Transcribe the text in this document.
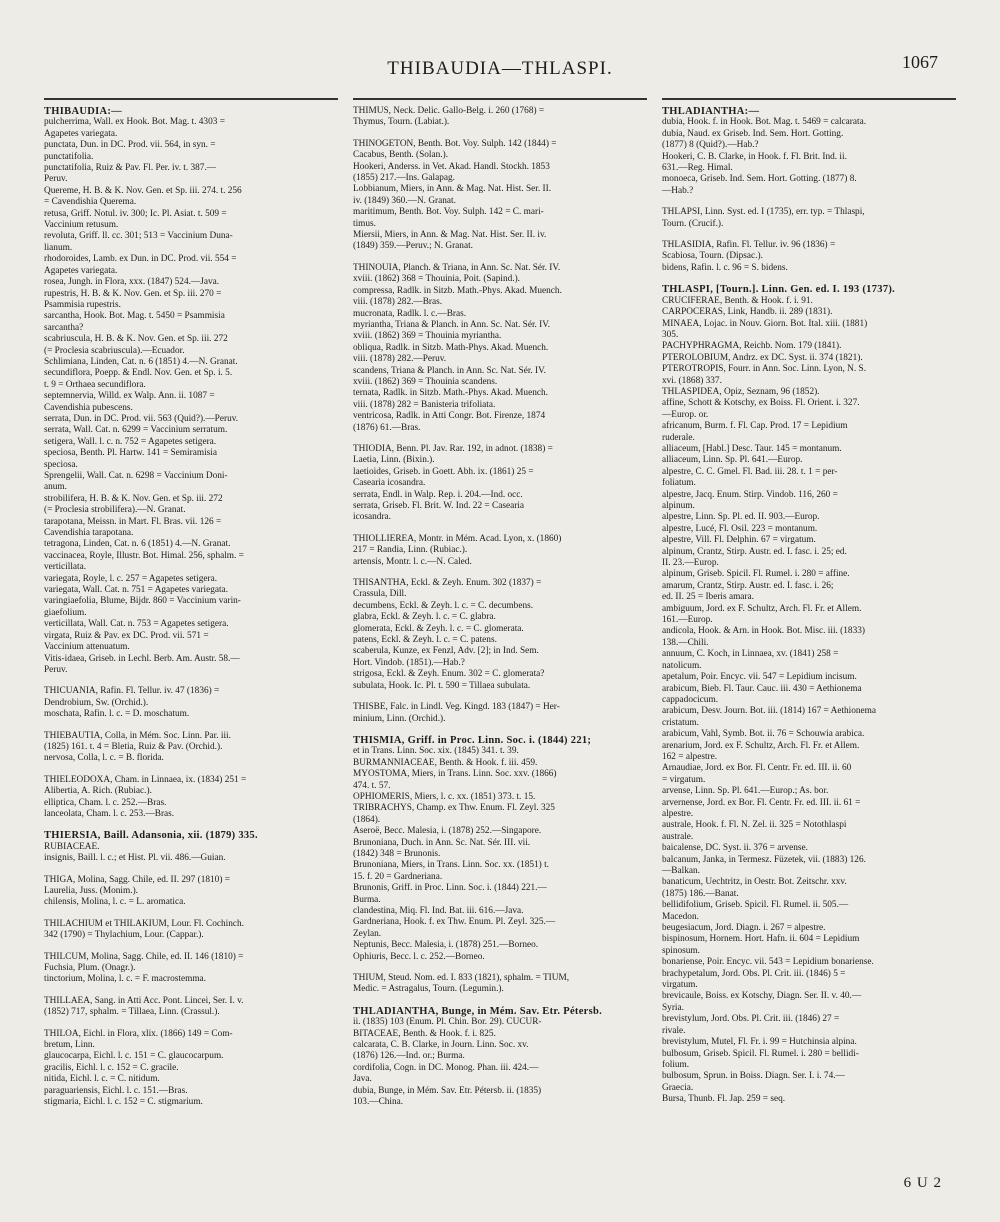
THIBAUDIA—THLASPI.	1067
THIBAUDIA:—
pulcherrima, Wall. ex Hook. Bot. Mag. t. 4303 =
Agapetes variegata.
punctata, Dun. in DC. Prod. vii. 564, in syn. =
punctatifolia.
punctatifolia, Ruiz & Pav. Fl. Per. iv. t. 387.—
Peruv.
Queremе, H. B. & K. Nov. Gen. et Sp. iii. 274. t. 256
= Cavendishia Querema.
retusa, Griff. Notul. iv. 300; Ic. Pl. Asiat. t. 509 =
Vaccinium retusum.
revoluta, Griff. ll. cc. 301; 513 = Vaccinium Duna-
lianum.
rhodoroides, Lamb. ex Dun. in DC. Prod. vii. 554 =
Agapetes variegata.
rosea, Jungh. in Flora, xxx. (1847) 524.—Java.
rupestris, H. B. & K. Nov. Gen. et Sp. iii. 270 =
Psammisia rupestris.
sarcantha, Hook. Bot. Mag. t. 5450 = Psammisia
sarcantha?
scabriuscula, H. B. & K. Nov. Gen. et Sp. iii. 272
(= Proclesia scabriuscula).—Ecuador.
Schlimiana, Linden, Cat. n. 6 (1851) 4.—N. Granat.
secundiflora, Poepp. & Endl. Nov. Gen. et Sp. i. 5.
t. 9 = Orthaea secundiflora.
septemnervia, Willd. ex Walp. Ann. ii. 1087 =
Cavendishia pubescens.
serrata, Dun. in DC. Prod. vii. 563 (Quid?).—Peruv.
serrata, Wall. Cat. n. 6299 = Vaccinium serratum.
setigera, Wall. l. c. n. 752 = Agapetes setigera.
speciosa, Benth. Pl. Hartw. 141 = Semiramisia
speciosa.
Sprengelii, Wall. Cat. n. 6298 = Vaccinium Doni-
anum.
strobilifera, H. B. & K. Nov. Gen. et Sp. iii. 272
(= Proclesia strobilifera).—N. Granat.
tarapotana, Meissn. in Mart. Fl. Bras. vii. 126 =
Cavendishia tarapotana.
tetragona, Linden, Cat. n. 6 (1851) 4.—N. Granat.
vaccinacea, Royle, Illustr. Bot. Himal. 256, sphalm. =
verticillata.
variegata, Royle, l. c. 257 = Agapetes setigera.
variegata, Wall. Cat. n. 751 = Agapetes variegata.
varingiaefolia, Blume, Bijdr. 860 = Vaccinium varin-
giaefolium.
verticillata, Wall. Cat. n. 753 = Agapetes setigera.
virgata, Ruiz & Pav. ex DC. Prod. vii. 571 =
Vaccinium attenuatum.
Vitis-idaea, Griseb. in Lechl. Berb. Am. Austr. 58.—
Peruv.
THICUANIA, Rafin. Fl. Tellur. iv. 47 (1836) =
Dendrobium, Sw. (Orchid.).
moschata, Rafin. l. c. = D. moschatum.
THIEBAUTIA, Colla, in Mém. Soc. Linn. Par. iii.
(1825) 161. t. 4 = Bletia, Ruiz & Pav. (Orchid.).
nervosa, Colla, l. c. = B. florida.
THIELEODOXA, Cham. in Linnaea, ix. (1834) 251 =
Alibertia, A. Rich. (Rubiac.).
elliptica, Cham. l. c. 252.—Bras.
lanceolata, Cham. l. c. 253.—Bras.
THIERSIA, Baill. Adansonia, xii. (1879) 335.
RUBIACEAE.
insignis, Baill. l. c.; et Hist. Pl. vii. 486.—Guian.
THIGA, Molina, Sagg. Chile, ed. II. 297 (1810) =
Laurelia, Juss. (Monim.).
chilensis, Molina, l. c. = L. aromatica.
THILACHIUM et THILAKIUM, Lour. Fl. Cochinch.
342 (1790) = Thylachium, Lour. (Cappar.).
THILCUM, Molina, Sagg. Chile, ed. II. 146 (1810) =
Fuchsia, Plum. (Onagr.).
tinctorium, Molina, l. c. = F. macrostemma.
THILLAEA, Sang. in Atti Acc. Pont. Lincei, Ser. I. v.
(1852) 717, sphalm. = Tillaea, Linn. (Crassul.).
THILOA, Eichl. in Flora, xlix. (1866) 149 = Com-
bretum, Linn.
glaucocarpa, Eichl. l. c. 151 = C. glaucocarpum.
gracilis, Eichl. l. c. 152 = C. gracile.
nitida, Eichl. l. c. = C. nitidum.
paraguariensis, Eichl. l. c. 151.—Bras.
stigmaria, Eichl. l. c. 152 = C. stigmarium.
THIMUS, Neck. Delic. Gallo-Belg. i. 260 (1768) =
Thymus, Tourn. (Labiat.).
THINOGETON, Benth. Bot. Voy. Sulph. 142 (1844) =
Cacabus, Benth. (Solan.).
Hookeri, Anderss. in Vet. Akad. Handl. Stockh. 1853
(1855) 217.—Ins. Galapag.
Lobbianum, Miers, in Ann. & Mag. Nat. Hist. Ser. II.
iv. (1849) 360.—N. Granat.
maritimum, Benth. Bot. Voy. Sulph. 142 = C. mari-
timus.
Miersii, Miers, in Ann. & Mag. Nat. Hist. Ser. II. iv.
(1849) 359.—Peruv.; N. Granat.
THINOUIA, Planch. & Triana, in Ann. Sc. Nat. Sér. IV.
xviii. (1862) 368 = Thouinia, Poit. (Sapind.).
compressa, Radlk. in Sitzb. Math.-Phys. Akad. Muench.
viii. (1878) 282.—Bras.
mucronata, Radlk. l. c.—Bras.
myriantha, Triana & Planch. in Ann. Sc. Nat. Sér. IV.
xviii. (1862) 369 = Thouinia myriantha.
obliqua, Radlk. in Sitzb. Math-Phys. Akad. Muench.
viii. (1878) 282.—Peruv.
scandens, Triana & Planch. in Ann. Sc. Nat. Sér. IV.
xviii. (1862) 369 = Thouinia scandens.
ternata, Radlk. in Sitzb. Math.-Phys. Akad. Muench.
viii. (1878) 282 = Banisteria trifoliata.
ventricosa, Radlk. in Atti Congr. Bot. Firenze, 1874
(1876) 61.—Bras.
THIODIA, Benn. Pl. Jav. Rar. 192, in adnot. (1838) =
Laetia, Linn. (Bixin.).
laetioides, Griseb. in Goett. Abh. ix. (1861) 25 =
Casearia icosandra.
serrata, Endl. in Walp. Rep. i. 204.—Ind. occ.
serrata, Griseb. Fl. Brit. W. Ind. 22 = Casearia
icosandra.
THIOLLIEREA, Montr. in Mém. Acad. Lyon, x. (1860)
217 = Randia, Linn. (Rubiac.).
artensis, Montr. l. c.—N. Caled.
THISANTHA, Eckl. & Zeyh. Enum. 302 (1837) =
Crassula, Dill.
decumbens, Eckl. & Zeyh. l. c. = C. decumbens.
glabra, Eckl. & Zeyh. l. c. = C. glabra.
glomerata, Eckl. & Zeyh. l. c. = C. glomerata.
patens, Eckl. & Zeyh. l. c. = C. patens.
scaberula, Kunze, ex Fenzl, Adv. [2]; in Ind. Sem.
Hort. Vindob. (1851).—Hab.?
strigosa, Eckl. & Zeyh. Enum. 302 = C. glomerata?
subulata, Hook. Ic. Pl. t. 590 = Tillaea subulata.
THISBE, Falc. in Lindl. Veg. Kingd. 183 (1847) = Her-
minium, Linn. (Orchid.).
THISMIA, Griff. in Proc. Linn. Soc. i. (1844) 221;
et in Trans. Linn. Soc. xix. (1845) 341. t. 39.
BURMANNIACEAE, Benth. & Hook. f. iii. 459.
MYOSTOMA, Miers, in Trans. Linn. Soc. xxv. (1866)
474. t. 57.
OPHIOMERIS, Miers, l. c. xx. (1851) 373. t. 15.
TRIBRACHYS, Champ. ex Thw. Enum. Fl. Zeyl. 325
(1864).
Aseroë, Becc. Malesia, i. (1878) 252.—Singapore.
Brunoniana, Duch. in Ann. Sc. Nat. Sér. III. vii.
(1842) 348 = Brunonis.
Brunoniana, Miers, in Trans. Linn. Soc. xx. (1851) t.
15. f. 20 = Gardneriana.
Brunonis, Griff. in Proc. Linn. Soc. i. (1844) 221.—
Burma.
clandestina, Miq. Fl. Ind. Bat. iii. 616.—Java.
Gardneriana, Hook. f. ex Thw. Enum. Pl. Zeyl. 325.—
Zeylan.
Neptunis, Becc. Malesia, i. (1878) 251.—Borneo.
Ophiuris, Becc. l. c. 252.—Borneo.
THIUM, Steud. Nom. ed. I. 833 (1821), sphalm. = TIUM,
Medic. = Astragalus, Tourn. (Legumin.).
THLADIANTHA, Bunge, in Mém. Sav. Etr. Pétersb.
ii. (1835) 103 (Enum. Pl. Chin. Bor. 29). CUCUR-
BITACEAE, Benth. & Hook. f. i. 825.
calcarata, C. B. Clarke, in Journ. Linn. Soc. xv.
(1876) 126.—Ind. or.; Burma.
cordifolia, Cogn. in DC. Monog. Phan. iii. 424.—
Java.
dubia, Bunge, in Mém. Sav. Etr. Pétersb. ii. (1835)
103.—China.
THLADIANTHA:—
dubia, Hook. f. in Hook. Bot. Mag. t. 5469 = calcarata.
dubia, Naud. ex Griseb. Ind. Sem. Hort. Gotting.
(1877) 8 (Quid?).—Hab.?
Hookeri, C. B. Clarke, in Hook. f. Fl. Brit. Ind. ii.
631.—Reg. Himal.
monoeca, Griseb. Ind. Sem. Hort. Gotting. (1877) 8.
—Hab.?
THLAPSI, Linn. Syst. ed. I (1735), err. typ. = Thlaspi,
Tourn. (Crucif.).
THLASIDIA, Rafin. Fl. Tellur. iv. 96 (1836) =
Scabiosa, Tourn. (Dipsac.).
bidens, Rafin. l. c. 96 = S. bidens.
THLASPI, [Tourn.]. Linn. Gen. ed. I. 193 (1737).
CRUCIFERAE, Benth. & Hook. f. i. 91.
CARPOCERAS, Link, Handb. ii. 289 (1831).
MINAEA, Lojac. in Nouv. Giorn. Bot. Ital. xiii. (1881)
305.
PACHYPHRAGMA, Reichb. Nom. 179 (1841).
PTEROLOBIUM, Andrz. ex DC. Syst. ii. 374 (1821).
PTEROTROPIS, Fourr. in Ann. Soc. Linn. Lyon, N. S.
xvi. (1868) 337.
THLASPIDEA, Opiz, Seznam, 96 (1852).
affine, Schott & Kotschy, ex Boiss. Fl. Orient. i. 327.
—Europ. or.
africanum, Burm. f. Fl. Cap. Prod. 17 = Lepidium
ruderale.
alliaceum, [Habl.] Desc. Taur. 145 = montanum.
alliaceum, Linn. Sp. Pl. 641.—Europ.
alpestre, C. C. Gmel. Fl. Bad. iii. 28. t. 1 = per-
foliatum.
alpestre, Jacq. Enum. Stirp. Vindob. 116, 260 =
alpinum.
alpestre, Linn. Sp. Pl. ed. II. 903.—Europ.
alpestre, Lucé, Fl. Osil. 223 = montanum.
alpestre, Vill. Fl. Delphin. 67 = virgatum.
alpinum, Crantz, Stirp. Austr. ed. I. fasc. i. 25; ed.
II. 23.—Europ.
alpinum, Griseb. Spicil. Fl. Rumel. i. 280 = affine.
amarum, Crantz, Stirp. Austr. ed. I. fasc. i. 26;
ed. II. 25 = Iberis amara.
ambiguum, Jord. ex F. Schultz, Arch. Fl. Fr. et Allem.
161.—Europ.
andicola, Hook. & Arn. in Hook. Bot. Misc. iii. (1833)
138.—Chili.
annuum, C. Koch, in Linnaea, xv. (1841) 258 =
natolicum.
apetalum, Poir. Encyc. vii. 547 = Lepidium incisum.
arabicum, Bieb. Fl. Taur. Cauc. iii. 430 = Aethionema
cappadocicum.
arabicum, Desv. Journ. Bot. iii. (1814) 167 = Aethionema
cristatum.
arabicum, Vahl, Symb. Bot. ii. 76 = Schouwia arabica.
arenarium, Jord. ex F. Schultz, Arch. Fl. Fr. et Allem.
162 = alpestre.
Arnaudiae, Jord. ex Bor. Fl. Centr. Fr. ed. III. ii. 60
= virgatum.
arvense, Linn. Sp. Pl. 641.—Europ.; As. bor.
arvernense, Jord. ex Bor. Fl. Centr. Fr. ed. III. ii. 61 =
alpestre.
australe, Hook. f. Fl. N. Zel. ii. 325 = Notothlaspi
australe.
baicalense, DC. Syst. ii. 376 = arvense.
balcanum, Janka, in Termesz. Füzetek, vii. (1883) 126.
—Balkan.
banaticum, Uechtritz, in Oestr. Bot. Zeitschr. xxv.
(1875) 186.—Banat.
bellidifolium, Griseb. Spicil. Fl. Rumel. ii. 505.—
Macedon.
beugesiacum, Jord. Diagn. i. 267 = alpestre.
bispinosum, Hornem. Hort. Hafn. ii. 604 = Lepidium
spinosum.
bonariense, Poir. Encyc. vii. 543 = Lepidium bonariense.
brachypetalum, Jord. Obs. Pl. Crit. iii. (1846) 5 =
virgatum.
brevicaule, Boiss. ex Kotschy, Diagn. Ser. II. v. 40.—
Syria.
brevistylum, Jord. Obs. Pl. Crit. iii. (1846) 27 =
rivale.
brevistylum, Mutel, Fl. Fr. i. 99 = Hutchinsia alpina.
bulbosum, Griseb. Spicil. Fl. Rumel. i. 280 = bellidi-
folium.
bulbosum, Sprun. in Boiss. Diagn. Ser. I. i. 74.—
Graecia.
Bursa, Thunb. Fl. Jap. 259 = seq.
6 U 2
